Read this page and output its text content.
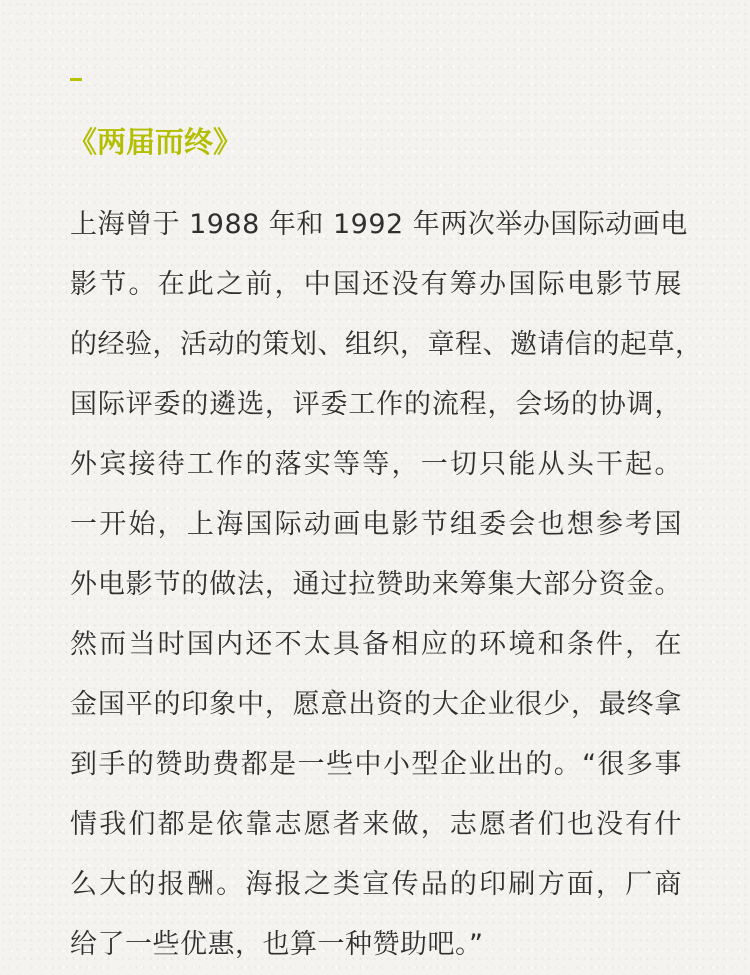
《两届而终》
上海曾于 1988 年和 1992 年两次举办国际动画电
影节。在此之前，中国还没有筹办国际电影节展
的经验，活动的策划、组织，章程、邀请信的起草，
国际评委的遴选，评委工作的流程，会场的协调，
外宾接待工作的落实等等，一切只能从头干起。
一开始，上海国际动画电影节组委会也想参考国
外电影节的做法，通过拉赞助来筹集大部分资金。
然而当时国内还不太具备相应的环境和条件，在
金国平的印象中，愿意出资的大企业很少，最终拿
到手的赞助费都是一些中小型企业出的。“很多事
情我们都是依靠志愿者来做，志愿者们也没有什
么大的报酬。海报之类宣传品的印刷方面，厂商
给了一些优惠，也算一种赞助吧。”
